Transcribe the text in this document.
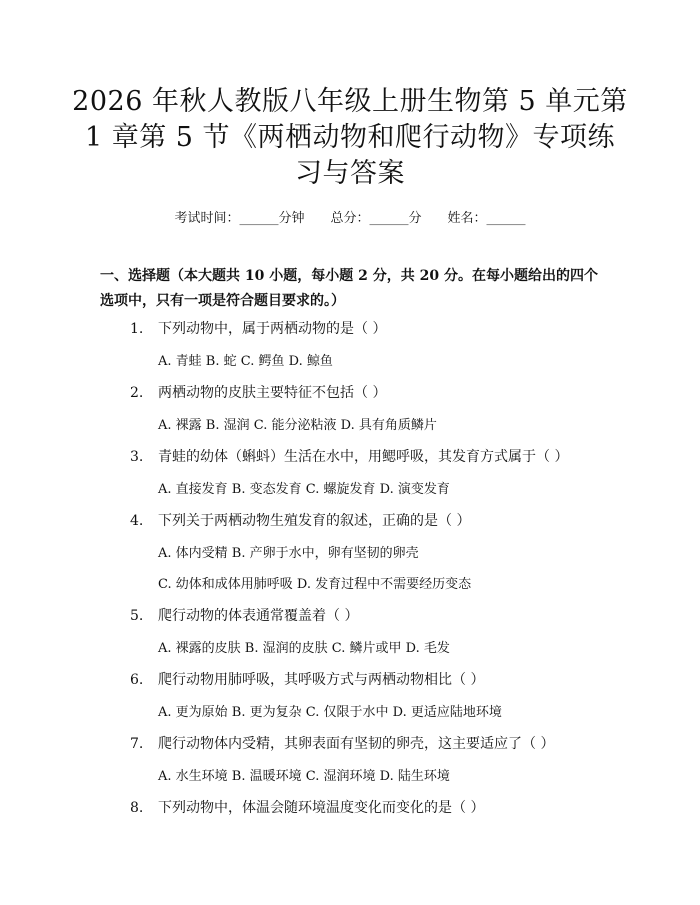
2026 年秋人教版八年级上册生物第 5 单元第
1 章第 5 节《两栖动物和爬行动物》专项练
习与答案
考试时间：______分钟 总分：______分 姓名：______
一、选择题（本大题共 10 小题，每小题 2 分，共 20 分。在每小题给出的四个选项中，只有一项是符合题目要求的。）
1. 下列动物中，属于两栖动物的是（ ）
A. 青蛙 B. 蛇 C. 鳄鱼 D. 鲸鱼
2. 两栖动物的皮肤主要特征不包括（ ）
A. 裸露 B. 湿润 C. 能分泌粘液 D. 具有角质鳞片
3. 青蛙的幼体（蝌蚪）生活在水中，用鳃呼吸，其发育方式属于（ ）
A. 直接发育 B. 变态发育 C. 螺旋发育 D. 演变发育
4. 下列关于两栖动物生殖发育的叙述，正确的是（ ）
A. 体内受精 B. 产卵于水中，卵有坚韧的卵壳
C. 幼体和成体用肺呼吸 D. 发育过程中不需要经历变态
5. 爬行动物的体表通常覆盖着（ ）
A. 裸露的皮肤 B. 湿润的皮肤 C. 鳞片或甲 D. 毛发
6. 爬行动物用肺呼吸，其呼吸方式与两栖动物相比（ ）
A. 更为原始 B. 更为复杂 C. 仅限于水中 D. 更适应陆地环境
7. 爬行动物体内受精，其卵表面有坚韧的卵壳，这主要适应了（ ）
A. 水生环境 B. 温暖环境 C. 湿润环境 D. 陆生环境
8. 下列动物中，体温会随环境温度变化而变化的是（ ）
